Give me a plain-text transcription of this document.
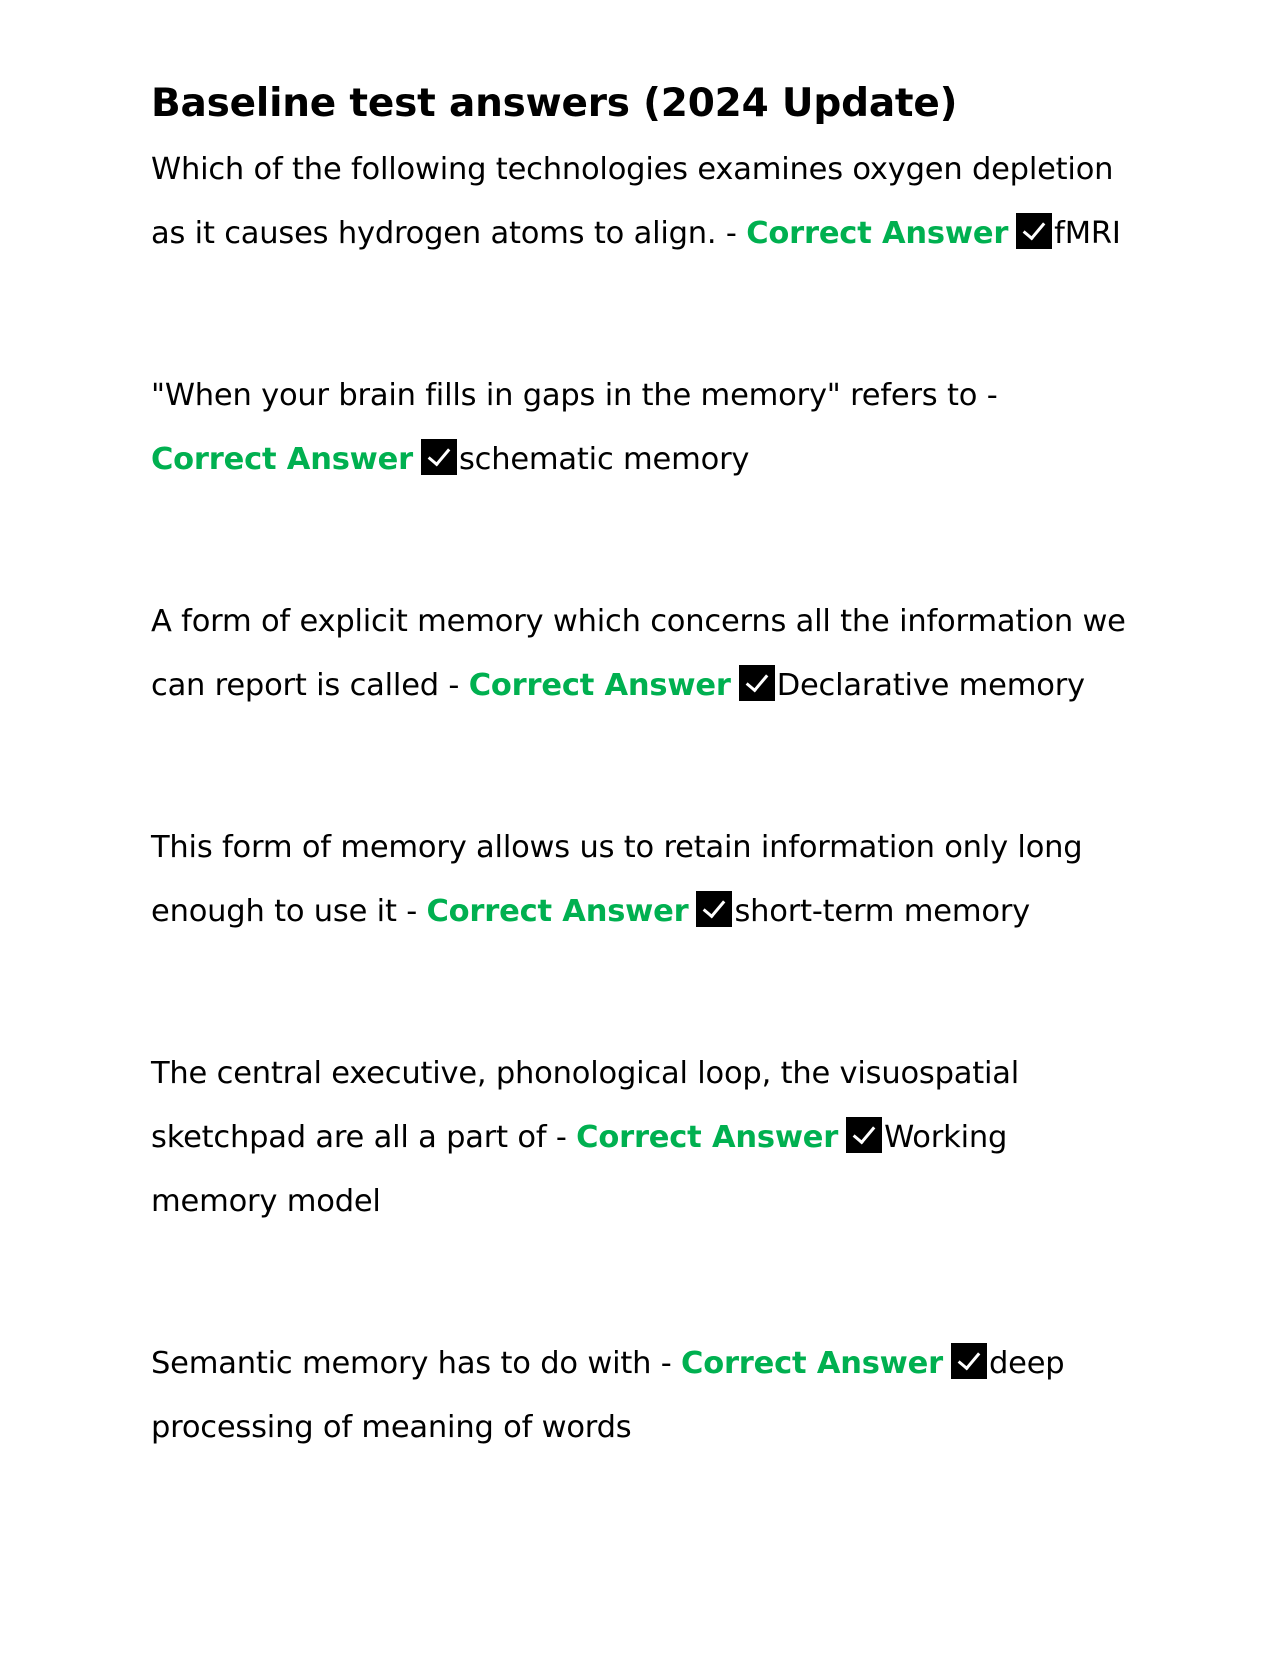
Baseline test answers (2024 Update)

Which of the following technologies examines oxygen depletion as it causes hydrogen atoms to align. - Correct Answer fMRI

"When your brain fills in gaps in the memory" refers to - Correct Answer schematic memory

A form of explicit memory which concerns all the information we can report is called - Correct Answer Declarative memory

This form of memory allows us to retain information only long enough to use it - Correct Answer short-term memory

The central executive, phonological loop, the visuospatial sketchpad are all a part of - Correct Answer Working memory model

Semantic memory has to do with - Correct Answer deep processing of meaning of words
